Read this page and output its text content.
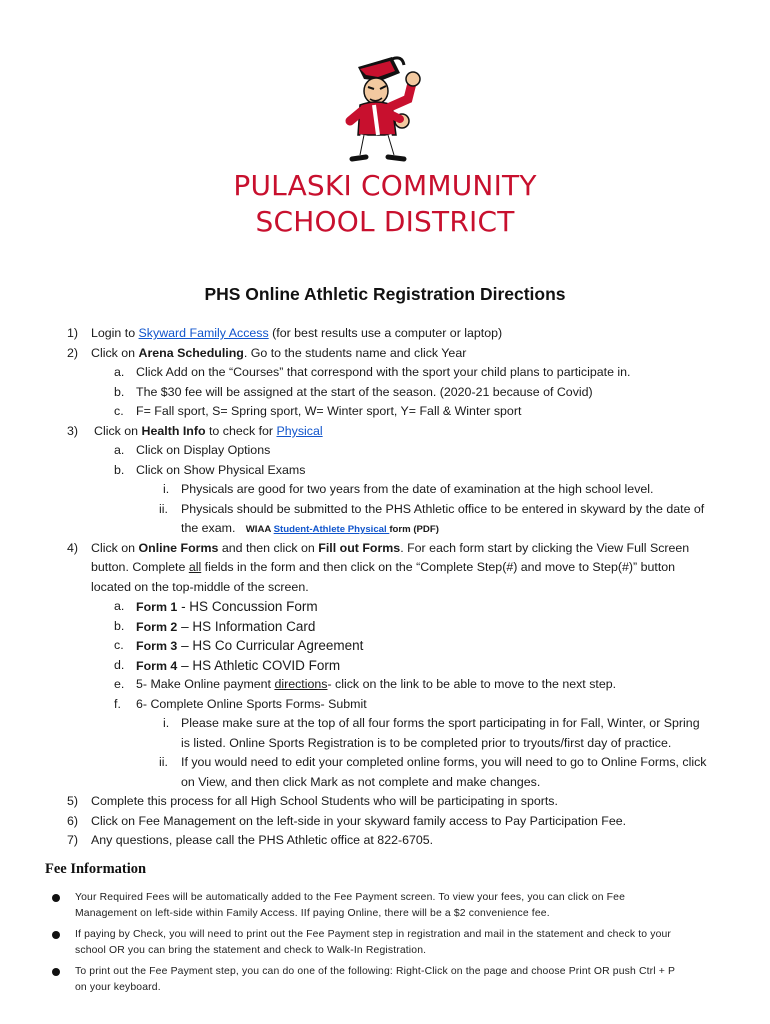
PULASKI COMMUNITY
SCHOOL DISTRICT
PHS Online Athletic Registration Directions
1) Login to Skyward Family Access (for best results use a computer or laptop)
2) Click on Arena Scheduling. Go to the students name and click Year
a. Click Add on the “Courses” that correspond with the sport your child plans to participate in.
b. The $30 fee will be assigned at the start of the season. (2020-21 because of Covid)
c. F= Fall sport, S= Spring sport, W= Winter sport, Y= Fall & Winter sport
3) Click on Health Info to check for Physical
a. Click on Display Options
b. Click on Show Physical Exams
i. Physicals are good for two years from the date of examination at the high school level.
ii. Physicals should be submitted to the PHS Athletic office to be entered in skyward by the date of
the exam. WIAA Student-Athlete Physical form (PDF)
4) Click on Online Forms and then click on Fill out Forms. For each form start by clicking the View Full Screen
button. Complete all fields in the form and then click on the “Complete Step(#) and move to Step(#)” button
located on the top-middle of the screen.
a. Form 1 - HS Concussion Form
b. Form 2 – HS Information Card
c. Form 3 – HS Co Curricular Agreement
d. Form 4 – HS Athletic COVID Form
e. 5- Make Online payment directions- click on the link to be able to move to the next step.
f. 6- Complete Online Sports Forms- Submit
i. Please make sure at the top of all four forms the sport participating in for Fall, Winter, or Spring
is listed. Online Sports Registration is to be completed prior to tryouts/first day of practice.
ii. If you would need to edit your completed online forms, you will need to go to Online Forms, click
on View, and then click Mark as not complete and make changes.
5) Complete this process for all High School Students who will be participating in sports.
6) Click on Fee Management on the left-side in your skyward family access to Pay Participation Fee.
7) Any questions, please call the PHS Athletic office at 822-6705.
Fee Information
Your Required Fees will be automatically added to the Fee Payment screen. To view your fees, you can click on Fee
Management on left-side within Family Access. IIf paying Online, there will be a $2 convenience fee.
If paying by Check, you will need to print out the Fee Payment step in registration and mail in the statement and check to your
school OR you can bring the statement and check to Walk-In Registration.
To print out the Fee Payment step, you can do one of the following: Right-Click on the page and choose Print OR push Ctrl + P
on your keyboard.
